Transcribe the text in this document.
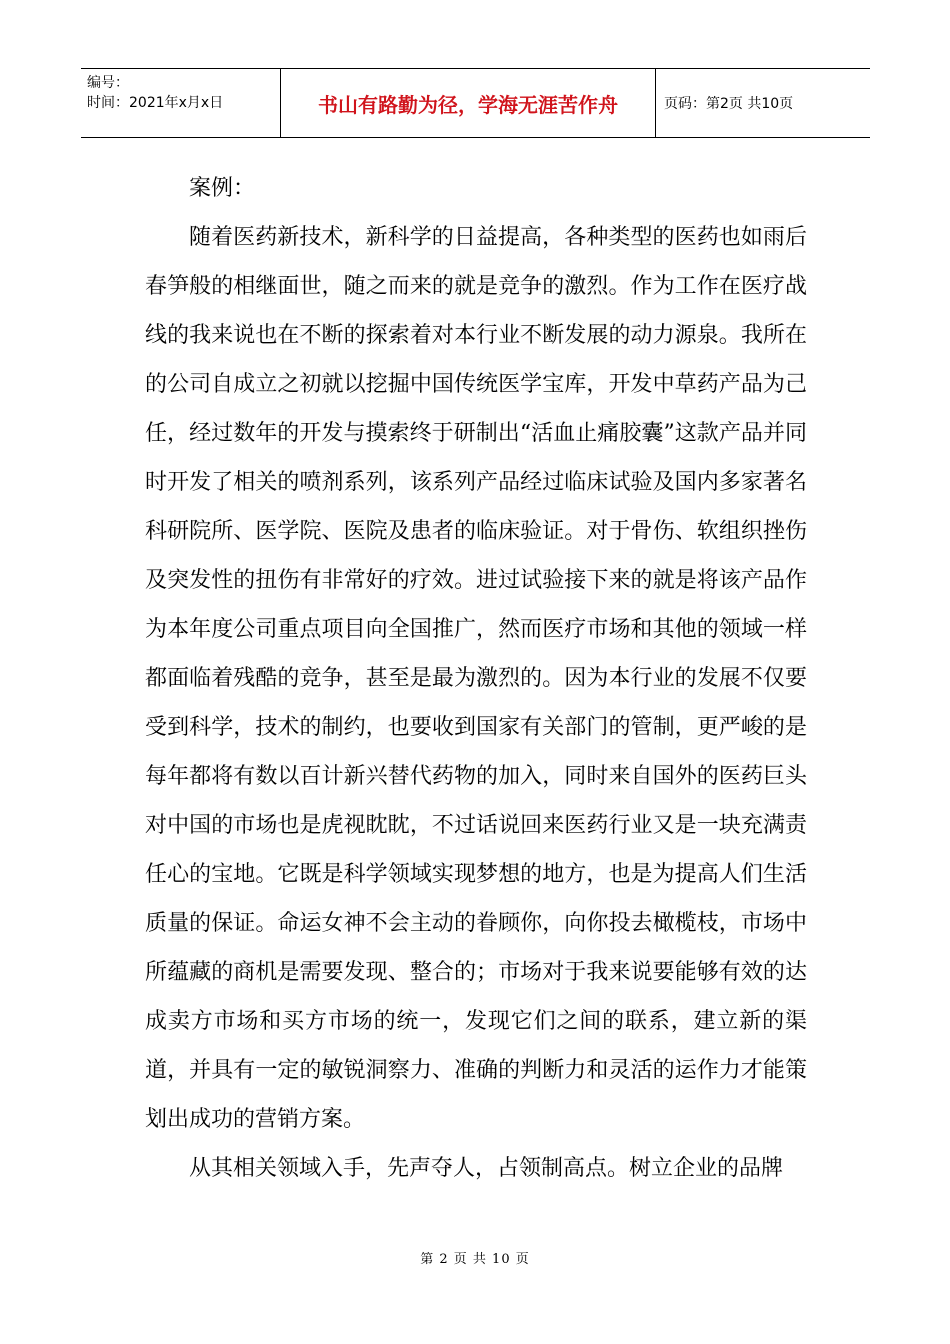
编号：
时间：2021年x月x日	书山有路勤为径，学海无涯苦作舟	页码：第2页 共10页

案例：

随着医药新技术，新科学的日益提高，各种类型的医药也如雨后春笋般的相继面世，随之而来的就是竞争的激烈。作为工作在医疗战线的我来说也在不断的探索着对本行业不断发展的动力源泉。我所在的公司自成立之初就以挖掘中国传统医学宝库，开发中草药产品为己任，经过数年的开发与摸索终于研制出“活血止痛胶囊”这款产品并同时开发了相关的喷剂系列，该系列产品经过临床试验及国内多家著名科研院所、医学院、医院及患者的临床验证。对于骨伤、软组织挫伤及突发性的扭伤有非常好的疗效。进过试验接下来的就是将该产品作为本年度公司重点项目向全国推广，然而医疗市场和其他的领域一样都面临着残酷的竞争，甚至是最为激烈的。因为本行业的发展不仅要受到科学，技术的制约，也要收到国家有关部门的管制，更严峻的是每年都将有数以百计新兴替代药物的加入，同时来自国外的医药巨头对中国的市场也是虎视眈眈，不过话说回来医药行业又是一块充满责任心的宝地。它既是科学领域实现梦想的地方，也是为提高人们生活质量的保证。命运女神不会主动的眷顾你，向你投去橄榄枝，市场中所蕴藏的商机是需要发现、整合的；市场对于我来说要能够有效的达成卖方市场和买方市场的统一，发现它们之间的联系，建立新的渠道，并具有一定的敏锐洞察力、准确的判断力和灵活的运作力才能策划出成功的营销方案。

从其相关领域入手，先声夺人，占领制高点。树立企业的品牌

第 2 页 共 10 页
